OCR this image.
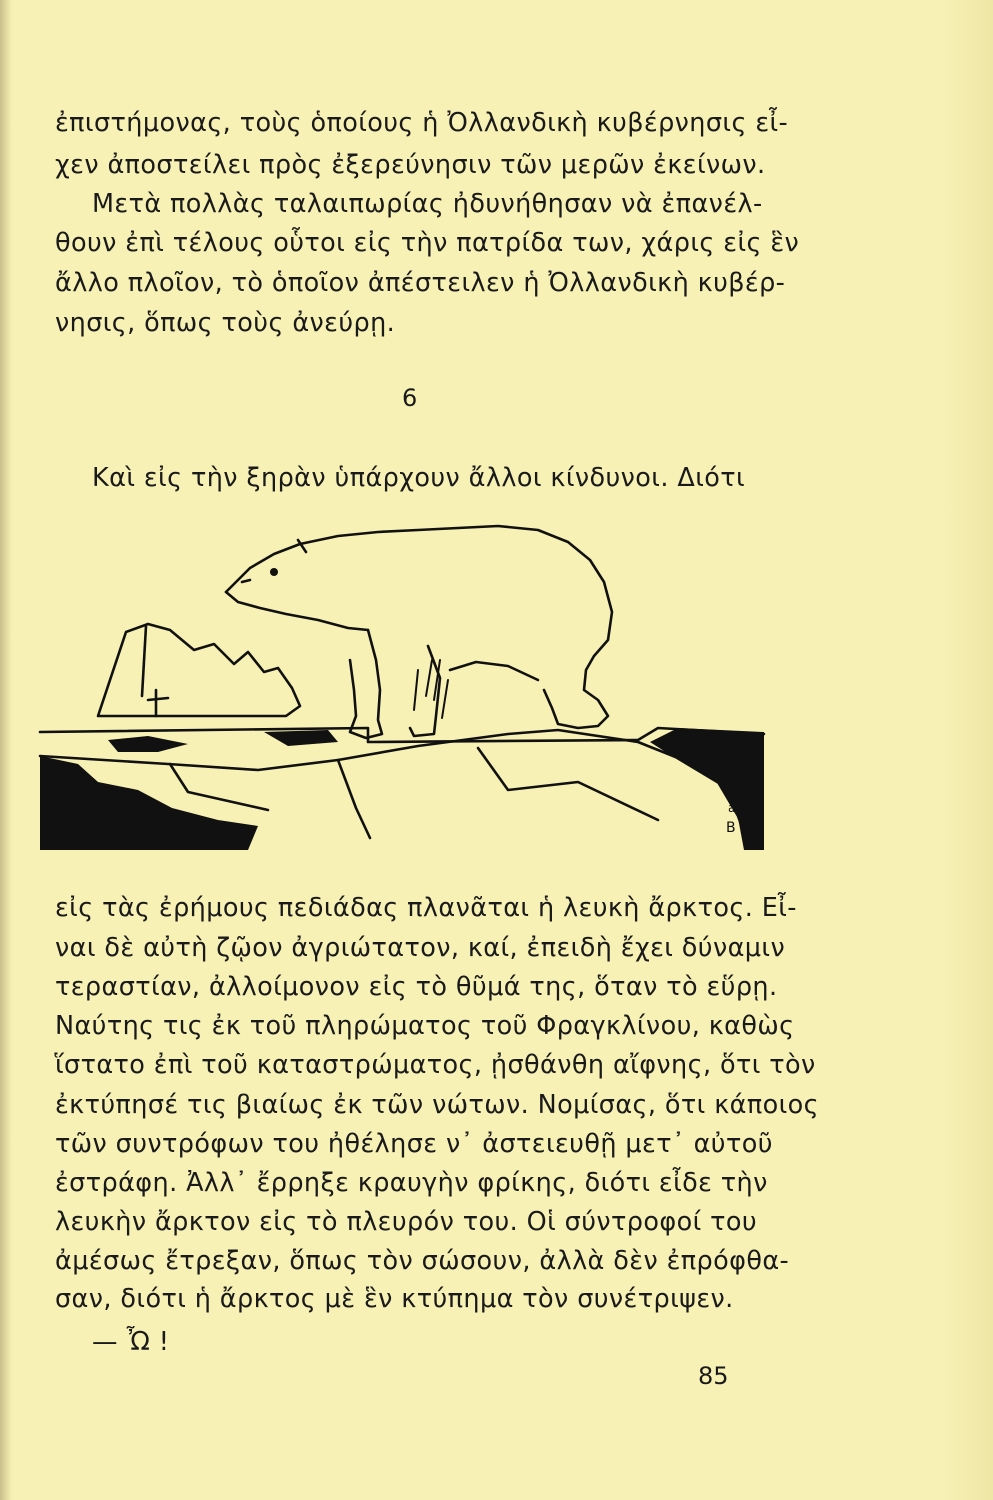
ἐπιστήμονας, τοὺς ὁποίους ἡ Ὀλλανδικὴ κυβέρνησις εἶ-
χεν ἀποστείλει πρὸς ἐξερεύνησιν τῶν μερῶν ἐκείνων.
Μετὰ πολλὰς ταλαιπωρίας ἠδυνήθησαν νὰ ἐπανέλ-
θουν ἐπὶ τέλους οὗτοι εἰς τὴν πατρίδα των, χάρις εἰς ἓν
ἄλλο πλοῖον, τὸ ὁποῖον ἀπέστειλεν ἡ Ὀλλανδικὴ κυβέρ-
νησις, ὅπως τοὺς ἀνεύρῃ.
6
Καὶ εἰς τὴν ξηρὰν ὑπάρχουν ἄλλοι κίνδυνοι. Διότι
a
B
εἰς τὰς ἐρήμους πεδιάδας πλανᾶται ἡ λευκὴ ἄρκτος. Εἶ-
ναι δὲ αὐτὴ ζῷον ἀγριώτατον, καί, ἐπειδὴ ἔχει δύναμιν
τεραστίαν, ἀλλοίμονον εἰς τὸ θῦμά της, ὅταν τὸ εὕρῃ.
Ναύτης τις ἐκ τοῦ πληρώματος τοῦ Φραγκλίνου, καθὼς
ἵστατο ἐπὶ τοῦ καταστρώματος, ᾐσθάνθη αἴφνης, ὅτι τὸν
ἐκτύπησέ τις βιαίως ἐκ τῶν νώτων. Νομίσας, ὅτι κάποιος
τῶν συντρόφων του ἠθέλησε ν᾽ ἀστειευθῇ μετ᾽ αὐτοῦ
ἐστράφη. Ἀλλ᾽ ἔρρηξε κραυγὴν φρίκης, διότι εἶδε τὴν
λευκὴν ἄρκτον εἰς τὸ πλευρόν του. Οἱ σύντροφοί του
ἀμέσως ἔτρεξαν, ὅπως τὸν σώσουν, ἀλλὰ δὲν ἐπρόφθα-
σαν, διότι ἡ ἄρκτος μὲ ἓν κτύπημα τὸν συνέτριψεν.
— Ὦ !
85
